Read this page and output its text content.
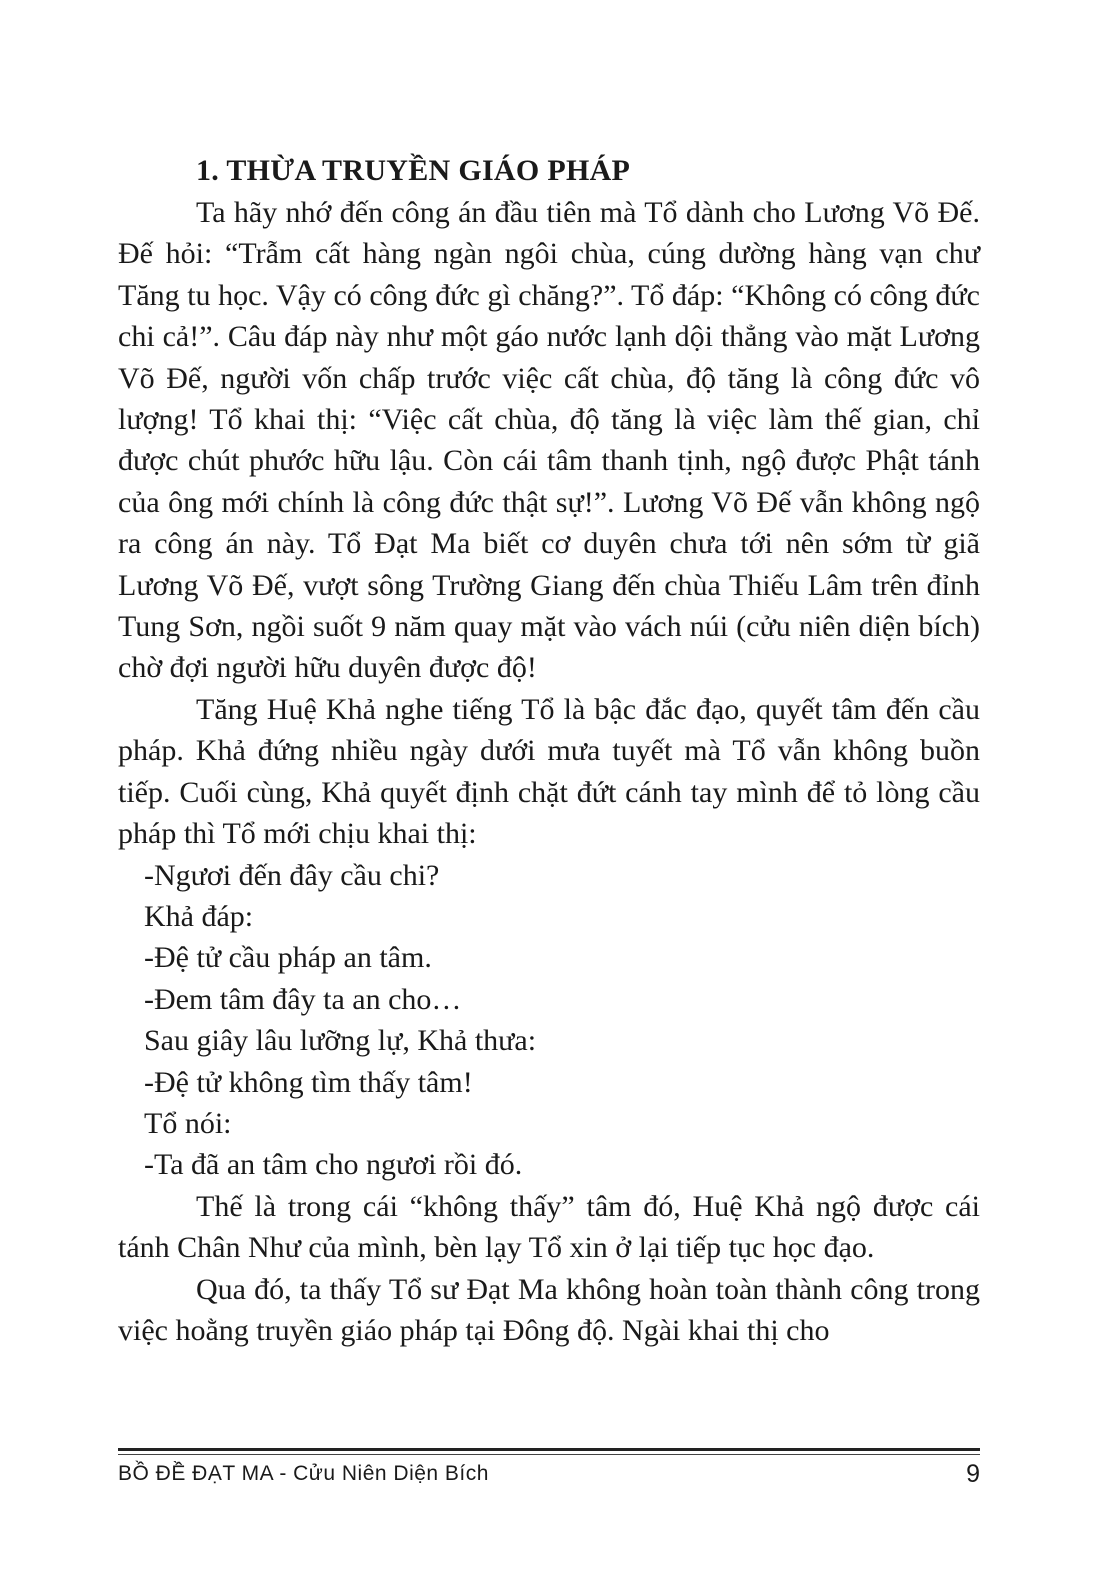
1. THỪA TRUYỀN GIÁO PHÁP

Ta hãy nhớ đến công án đầu tiên mà Tổ dành cho Lương Võ Đế. Đế hỏi: “Trẫm cất hàng ngàn ngôi chùa, cúng dường hàng vạn chư Tăng tu học. Vậy có công đức gì chăng?”. Tổ đáp: “Không có công đức chi cả!”. Câu đáp này như một gáo nước lạnh dội thẳng vào mặt Lương Võ Đế, người vốn chấp trước việc cất chùa, độ tăng là công đức vô lượng! Tổ khai thị: “Việc cất chùa, độ tăng là việc làm thế gian, chỉ được chút phước hữu lậu. Còn cái tâm thanh tịnh, ngộ được Phật tánh của ông mới chính là công đức thật sự!”. Lương Võ Đế vẫn không ngộ ra công án này. Tổ Đạt Ma biết cơ duyên chưa tới nên sớm từ giã Lương Võ Đế, vượt sông Trường Giang đến chùa Thiếu Lâm trên đỉnh Tung Sơn, ngồi suốt 9 năm quay mặt vào vách núi (cửu niên diện bích) chờ đợi người hữu duyên được độ!

Tăng Huệ Khả nghe tiếng Tổ là bậc đắc đạo, quyết tâm đến cầu pháp. Khả đứng nhiều ngày dưới mưa tuyết mà Tổ vẫn không buồn tiếp. Cuối cùng, Khả quyết định chặt đứt cánh tay mình để tỏ lòng cầu pháp thì Tổ mới chịu khai thị:

-Ngươi đến đây cầu chi?

Khả đáp:

-Đệ tử cầu pháp an tâm.

-Đem tâm đây ta an cho…

Sau giây lâu lưỡng lự, Khả thưa:

-Đệ tử không tìm thấy tâm!

Tổ nói:

-Ta đã an tâm cho ngươi rồi đó.

Thế là trong cái “không thấy” tâm đó, Huệ Khả ngộ được cái tánh Chân Như của mình, bèn lạy Tổ xin ở lại tiếp tục học đạo.

Qua đó, ta thấy Tổ sư Đạt Ma không hoàn toàn thành công trong việc hoằng truyền giáo pháp tại Đông độ. Ngài khai thị cho

BỒ ĐỀ ĐẠT MA - Cửu Niên Diện Bích	9
